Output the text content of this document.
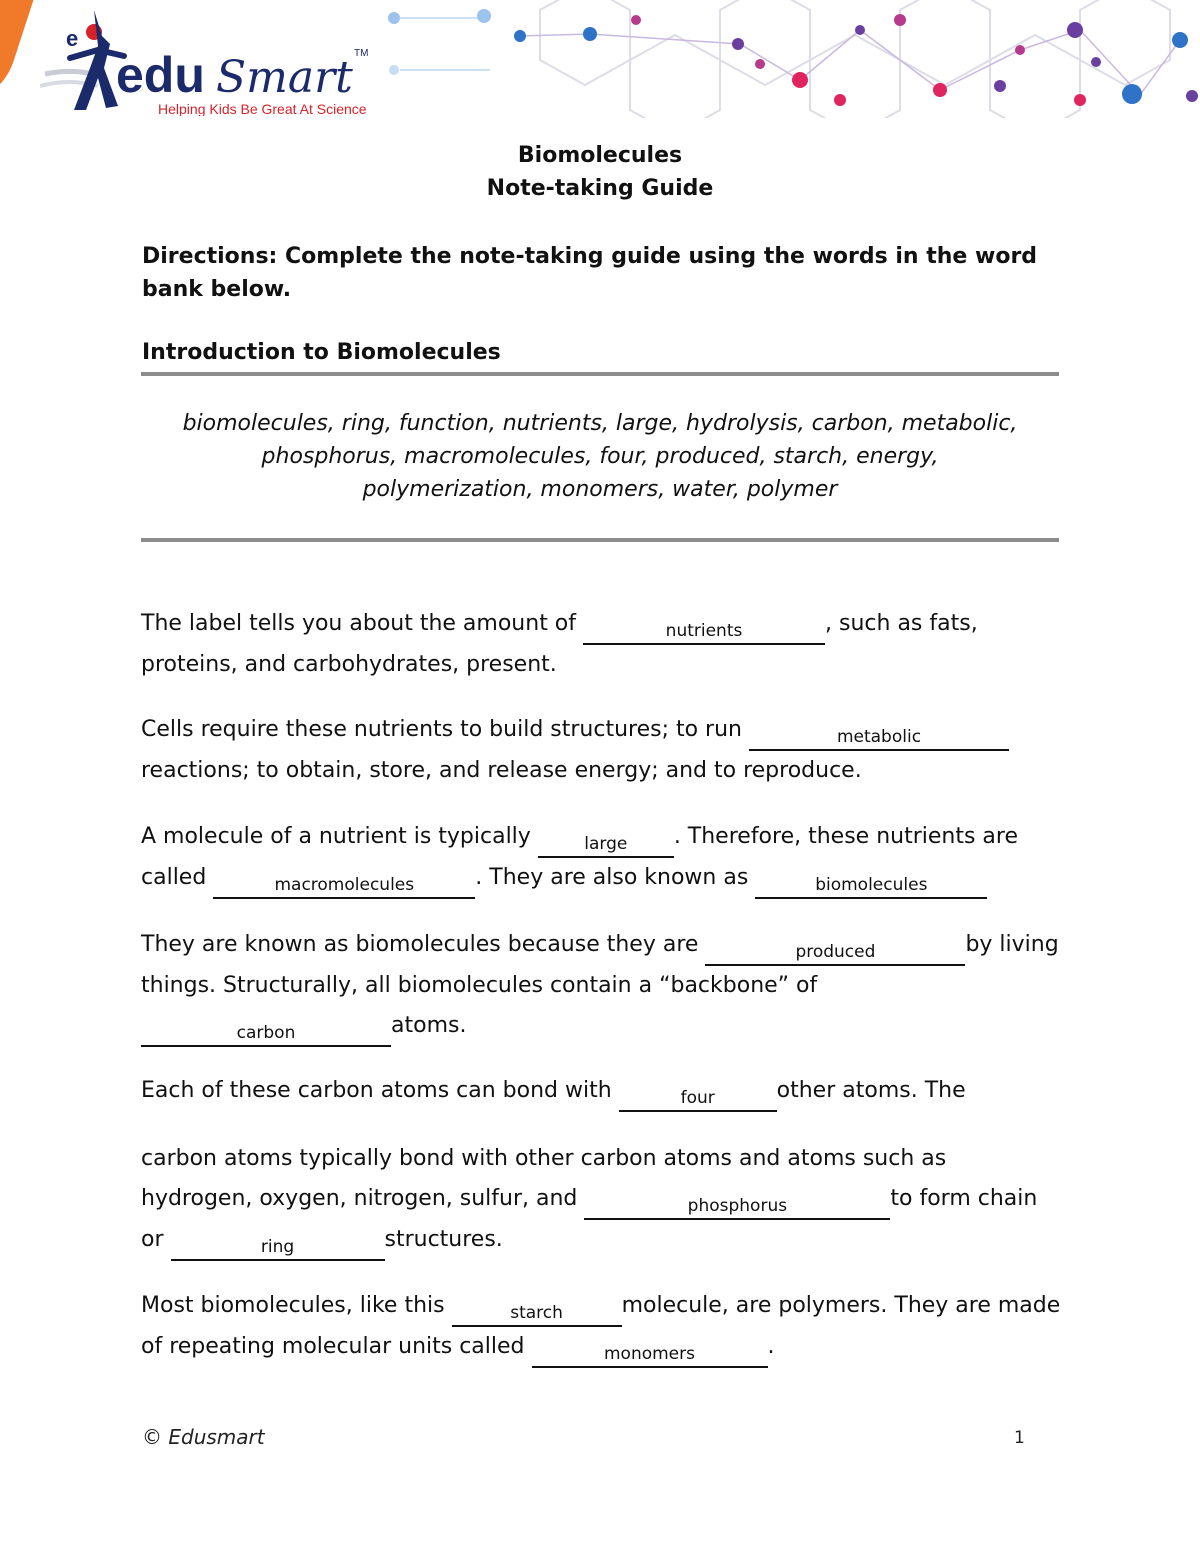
e
edu Smart TM
Helping Kids Be Great At Science
Biomolecules
Note-taking Guide
Directions: Complete the note-taking guide using the words in the word bank below.
Introduction to Biomolecules
biomolecules, ring, function, nutrients, large, hydrolysis, carbon, metabolic,
phosphorus, macromolecules, four, produced, starch, energy,
polymerization, monomers, water, polymer
The label tells you about the amount of	nutrients	, such as fats, proteins, and carbohydrates, present.
Cells require these nutrients to build structures; to run	metabolic reactions; to obtain, store, and release energy; and to reproduce.
A molecule of a nutrient is typically	large . Therefore, these nutrients are called	macromolecules	. They are also known as	biomolecules
They are known as biomolecules because they are	produced	by living things. Structurally, all biomolecules contain a “backbone” of carbon	atoms.
Each of these carbon atoms can bond with	four	other atoms. The
carbon atoms typically bond with other carbon atoms and atoms such as hydrogen, oxygen, nitrogen, sulfur, and	phosphorus	to form chain or	ring	structures.
Most biomolecules, like this	starch	molecule, are polymers. They are made of repeating molecular units called	monomers	.
© Edusmart	1
